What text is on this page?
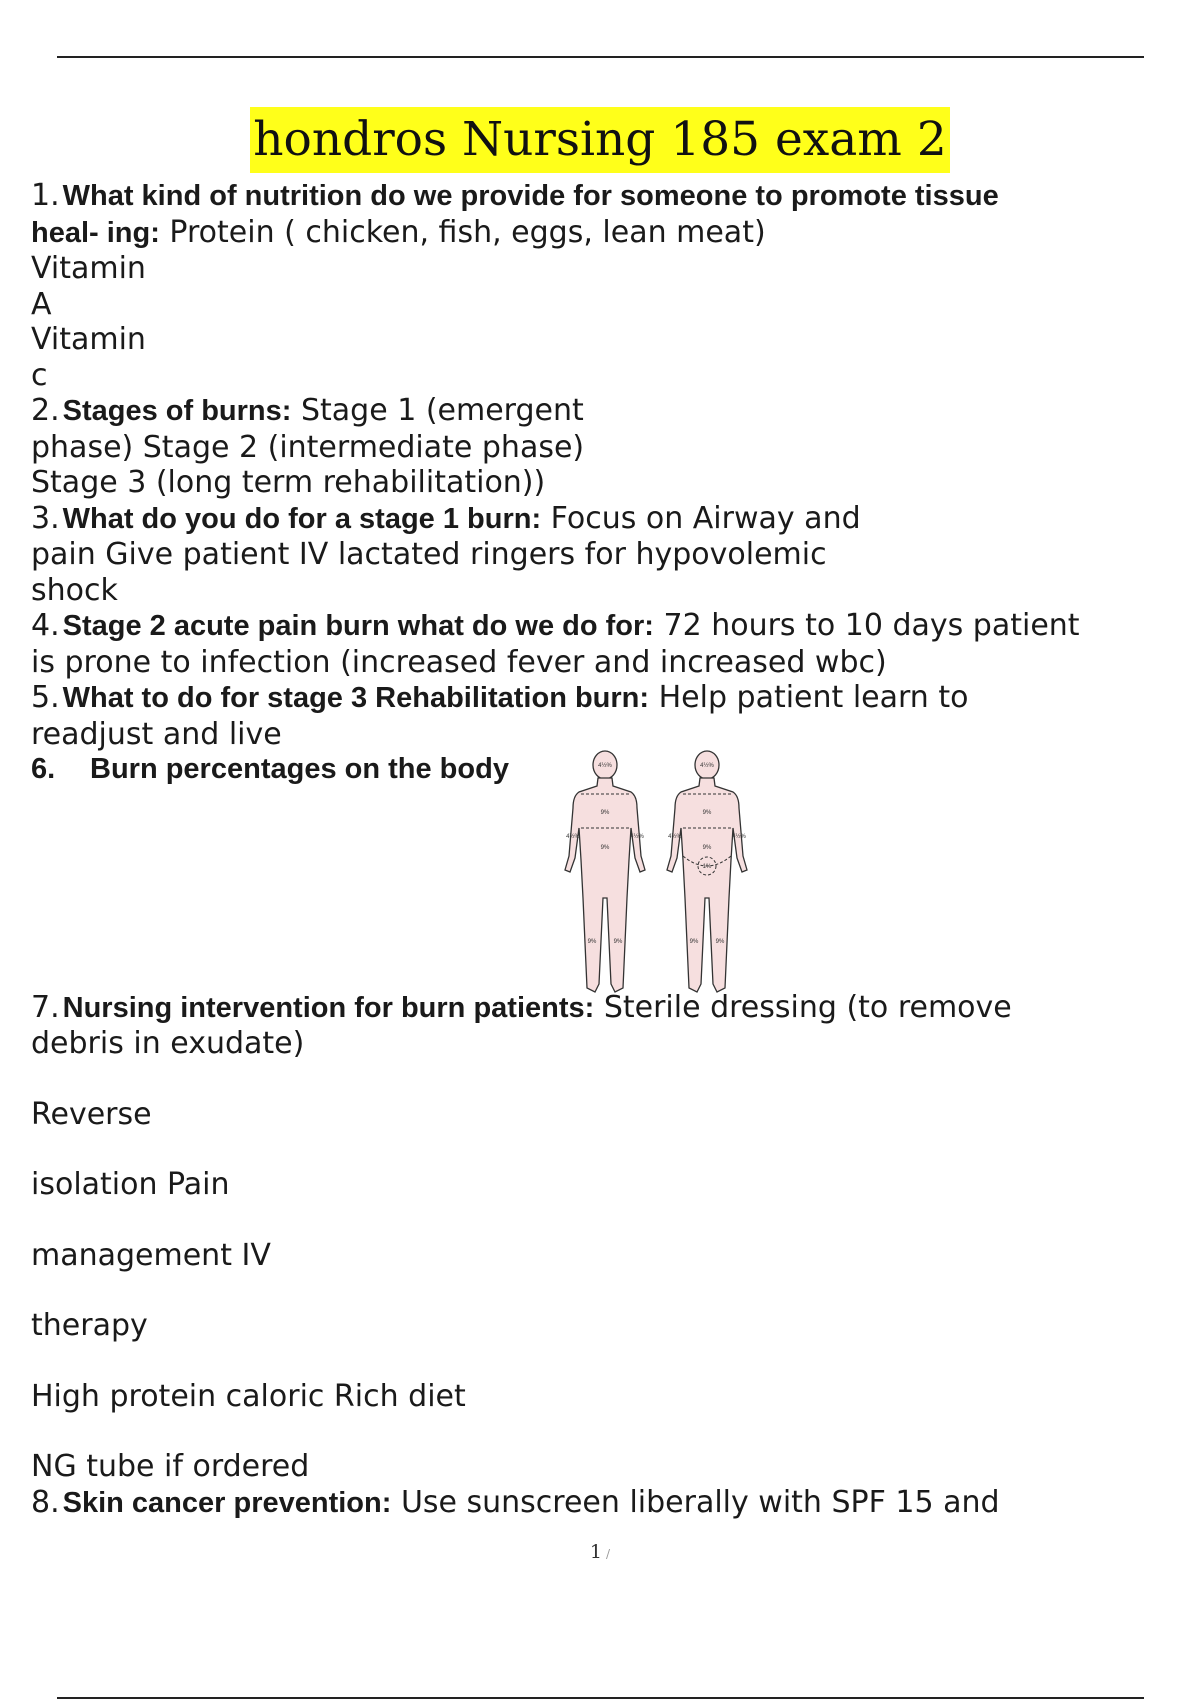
hondros Nursing 185 exam 2
1. What kind of nutrition do we provide for someone to promote tissue
heal- ing: Protein ( chicken, fish, eggs, lean meat)
Vitamin
A
Vitamin
c
2. Stages of burns: Stage 1 (emergent
phase) Stage 2 (intermediate phase)
Stage 3 (long term rehabilitation))
3. What do you do for a stage 1 burn: Focus on Airway and
pain Give patient IV lactated ringers for hypovolemic
shock
4. Stage 2 acute pain burn what do we do for: 72 hours to 10 days patient
is prone to infection (increased fever and increased wbc)
5. What to do for stage 3 Rehabilitation burn: Help patient learn to
readjust and live
6. Burn percentages on the body
7. Nursing intervention for burn patients: Sterile dressing (to remove
debris in exudate)
Reverse
isolation Pain
management IV
therapy
High protein caloric Rich diet
NG tube if ordered
8. Skin cancer prevention: Use sunscreen liberally with SPF 15 and
4½%
9%
9%
4½%	4½%
9%	9%
4½%
9%
9%
4½%	4½%
1%
9%	9%
1 /
